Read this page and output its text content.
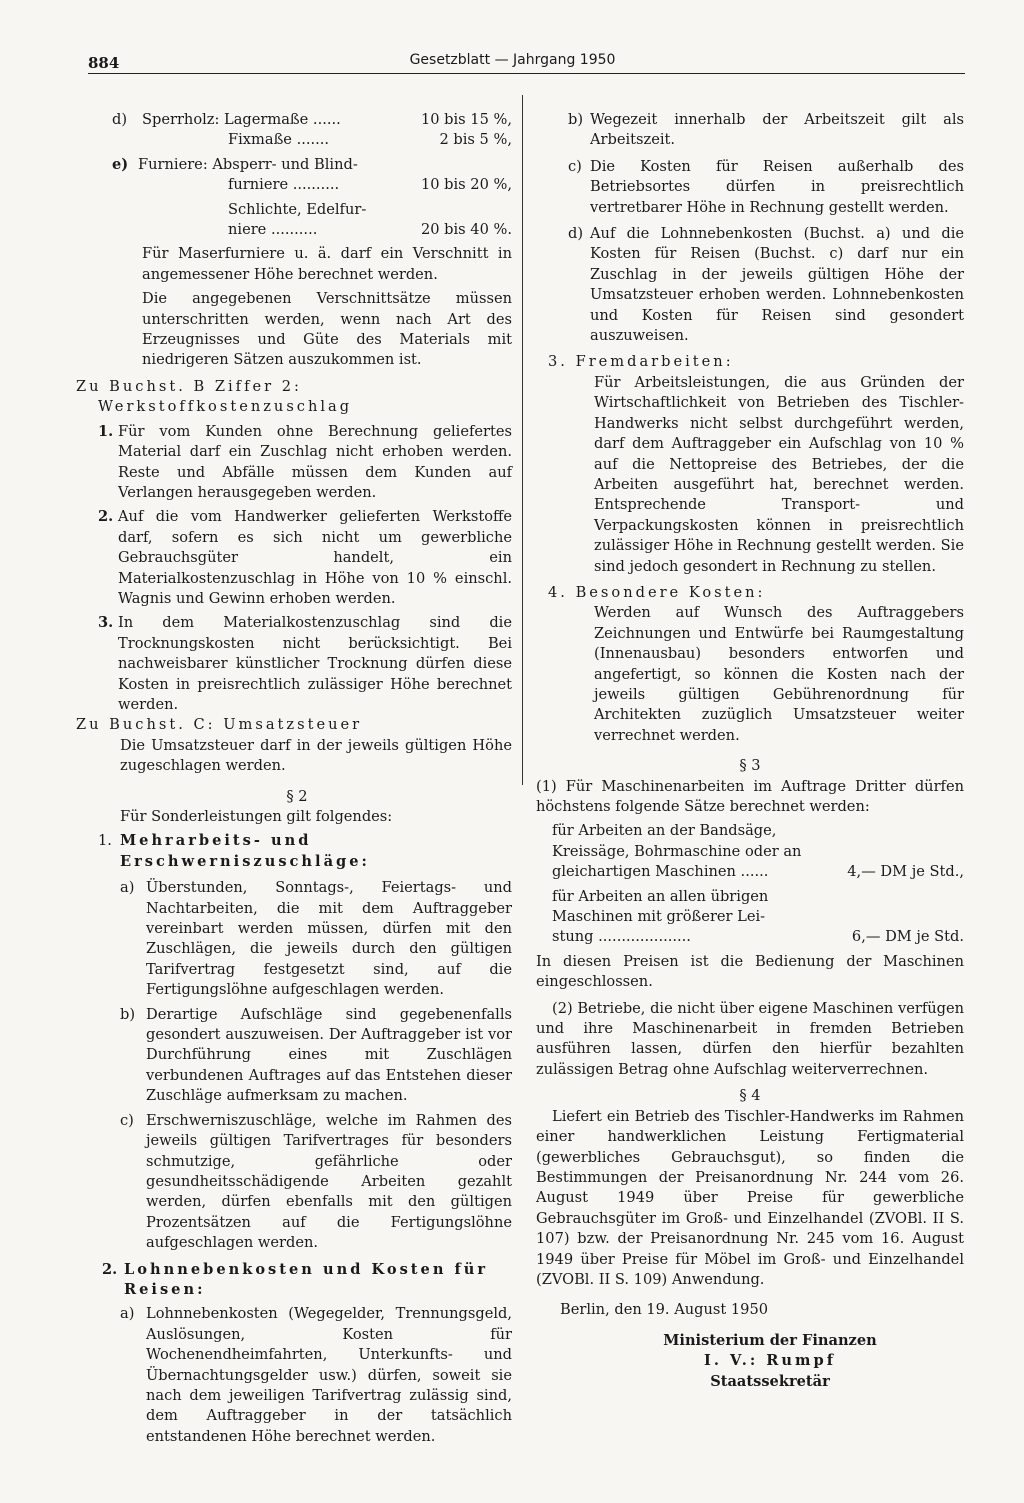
884	Gesetzblatt — Jahrgang 1950
d)	Sperrholz: Lagermaße ......	10 bis 15 %,
Fixmaße .......	2 bis 5 %,
e) Furniere: Absperr- und Blind-
furniere ..........	10 bis 20 %,
Schlichte, Edelfur-
niere ..........	20 bis 40 %.

Für Maserfurniere u. ä. darf ein Verschnitt in angemessener Höhe berechnet werden.

Die angegebenen Verschnittsätze müssen unterschritten werden, wenn nach Art des Erzeugnisses und Güte des Materials mit niedrigeren Sätzen auszukommen ist.

Zu Buchst. B Ziffer 2:

Werkstoffkostenzuschlag

1. Für vom Kunden ohne Berechnung geliefertes Material darf ein Zuschlag nicht erhoben werden. Reste und Abfälle müssen dem Kunden auf Verlangen herausgegeben werden.

2. Auf die vom Handwerker gelieferten Werkstoffe darf, sofern es sich nicht um gewerbliche Gebrauchsgüter handelt, ein Materialkostenzuschlag in Höhe von 10 % einschl. Wagnis und Gewinn erhoben werden.

3. In dem Materialkostenzuschlag sind die Trocknungskosten nicht berücksichtigt. Bei nachweisbarer künstlicher Trocknung dürfen diese Kosten in preisrechtlich zulässiger Höhe berechnet werden.

Zu Buchst. C: Umsatzsteuer

Die Umsatzsteuer darf in der jeweils gültigen Höhe zugeschlagen werden.

§ 2

Für Sonderleistungen gilt folgendes:

1. Mehrarbeits- und Erschwerniszuschläge:

a) Überstunden, Sonntags-, Feiertags- und Nachtarbeiten, die mit dem Auftraggeber vereinbart werden müssen, dürfen mit den Zuschlägen, die jeweils durch den gültigen Tarifvertrag festgesetzt sind, auf die Fertigungslöhne aufgeschlagen werden.

b) Derartige Aufschläge sind gegebenenfalls gesondert auszuweisen. Der Auftraggeber ist vor Durchführung eines mit Zuschlägen verbundenen Auftrages auf das Entstehen dieser Zuschläge aufmerksam zu machen.

c) Erschwerniszuschläge, welche im Rahmen des jeweils gültigen Tarifvertrages für besonders schmutzige, gefährliche oder gesundheitsschädigende Arbeiten gezahlt werden, dürfen ebenfalls mit den gültigen Prozentsätzen auf die Fertigungslöhne aufgeschlagen werden.

2. Lohnnebenkosten und Kosten für Reisen:

a) Lohnnebenkosten (Wegegelder, Trennungsgeld, Auslösungen, Kosten für Wochenendheimfahrten, Unterkunfts- und Übernachtungsgelder usw.) dürfen, soweit sie nach dem jeweiligen Tarifvertrag zulässig sind, dem Auftraggeber in der tatsächlich entstandenen Höhe berechnet werden.

b) Wegezeit innerhalb der Arbeitszeit gilt als Arbeitszeit.

c) Die Kosten für Reisen außerhalb des Betriebsortes dürfen in preisrechtlich vertretbarer Höhe in Rechnung gestellt werden.

d) Auf die Lohnnebenkosten (Buchst. a) und die Kosten für Reisen (Buchst. c) darf nur ein Zuschlag in der jeweils gültigen Höhe der Umsatzsteuer erhoben werden. Lohnnebenkosten und Kosten für Reisen sind gesondert auszuweisen.

3. Fremdarbeiten:

Für Arbeitsleistungen, die aus Gründen der Wirtschaftlichkeit von Betrieben des Tischler-Handwerks nicht selbst durchgeführt werden, darf dem Auftraggeber ein Aufschlag von 10 % auf die Nettopreise des Betriebes, der die Arbeiten ausgeführt hat, berechnet werden. Entsprechende Transport- und Verpackungskosten können in preisrechtlich zulässiger Höhe in Rechnung gestellt werden. Sie sind jedoch gesondert in Rechnung zu stellen.

4. Besondere Kosten:

Werden auf Wunsch des Auftraggebers Zeichnungen und Entwürfe bei Raumgestaltung (Innenausbau) besonders entworfen und angefertigt, so können die Kosten nach der jeweils gültigen Gebührenordnung für Architekten zuzüglich Umsatzsteuer weiter verrechnet werden.

§ 3

(1) Für Maschinenarbeiten im Auftrage Dritter dürfen höchstens folgende Sätze berechnet werden:

für Arbeiten an der Bandsäge,

Kreissäge, Bohrmaschine oder an

gleichartigen Maschinen ......	4,— DM je Std.,

für Arbeiten an allen übrigen

Maschinen mit größerer Lei-

stung ....................	6,— DM je Std.

In diesen Preisen ist die Bedienung der Maschinen eingeschlossen.

(2) Betriebe, die nicht über eigene Maschinen verfügen und ihre Maschinenarbeit in fremden Betrieben ausführen lassen, dürfen den hierfür bezahlten zulässigen Betrag ohne Aufschlag weiterverrechnen.

§ 4

Liefert ein Betrieb des Tischler-Handwerks im Rahmen einer handwerklichen Leistung Fertigmaterial (gewerbliches Gebrauchsgut), so finden die Bestimmungen der Preisanordnung Nr. 244 vom 26. August 1949 über Preise für gewerbliche Gebrauchsgüter im Groß- und Einzelhandel (ZVOBl. II S. 107) bzw. der Preisanordnung Nr. 245 vom 16. August 1949 über Preise für Möbel im Groß- und Einzelhandel (ZVOBl. II S. 109) Anwendung.

Berlin, den 19. August 1950

Ministerium der Finanzen

I. V.: Rumpf

Staatssekretär
